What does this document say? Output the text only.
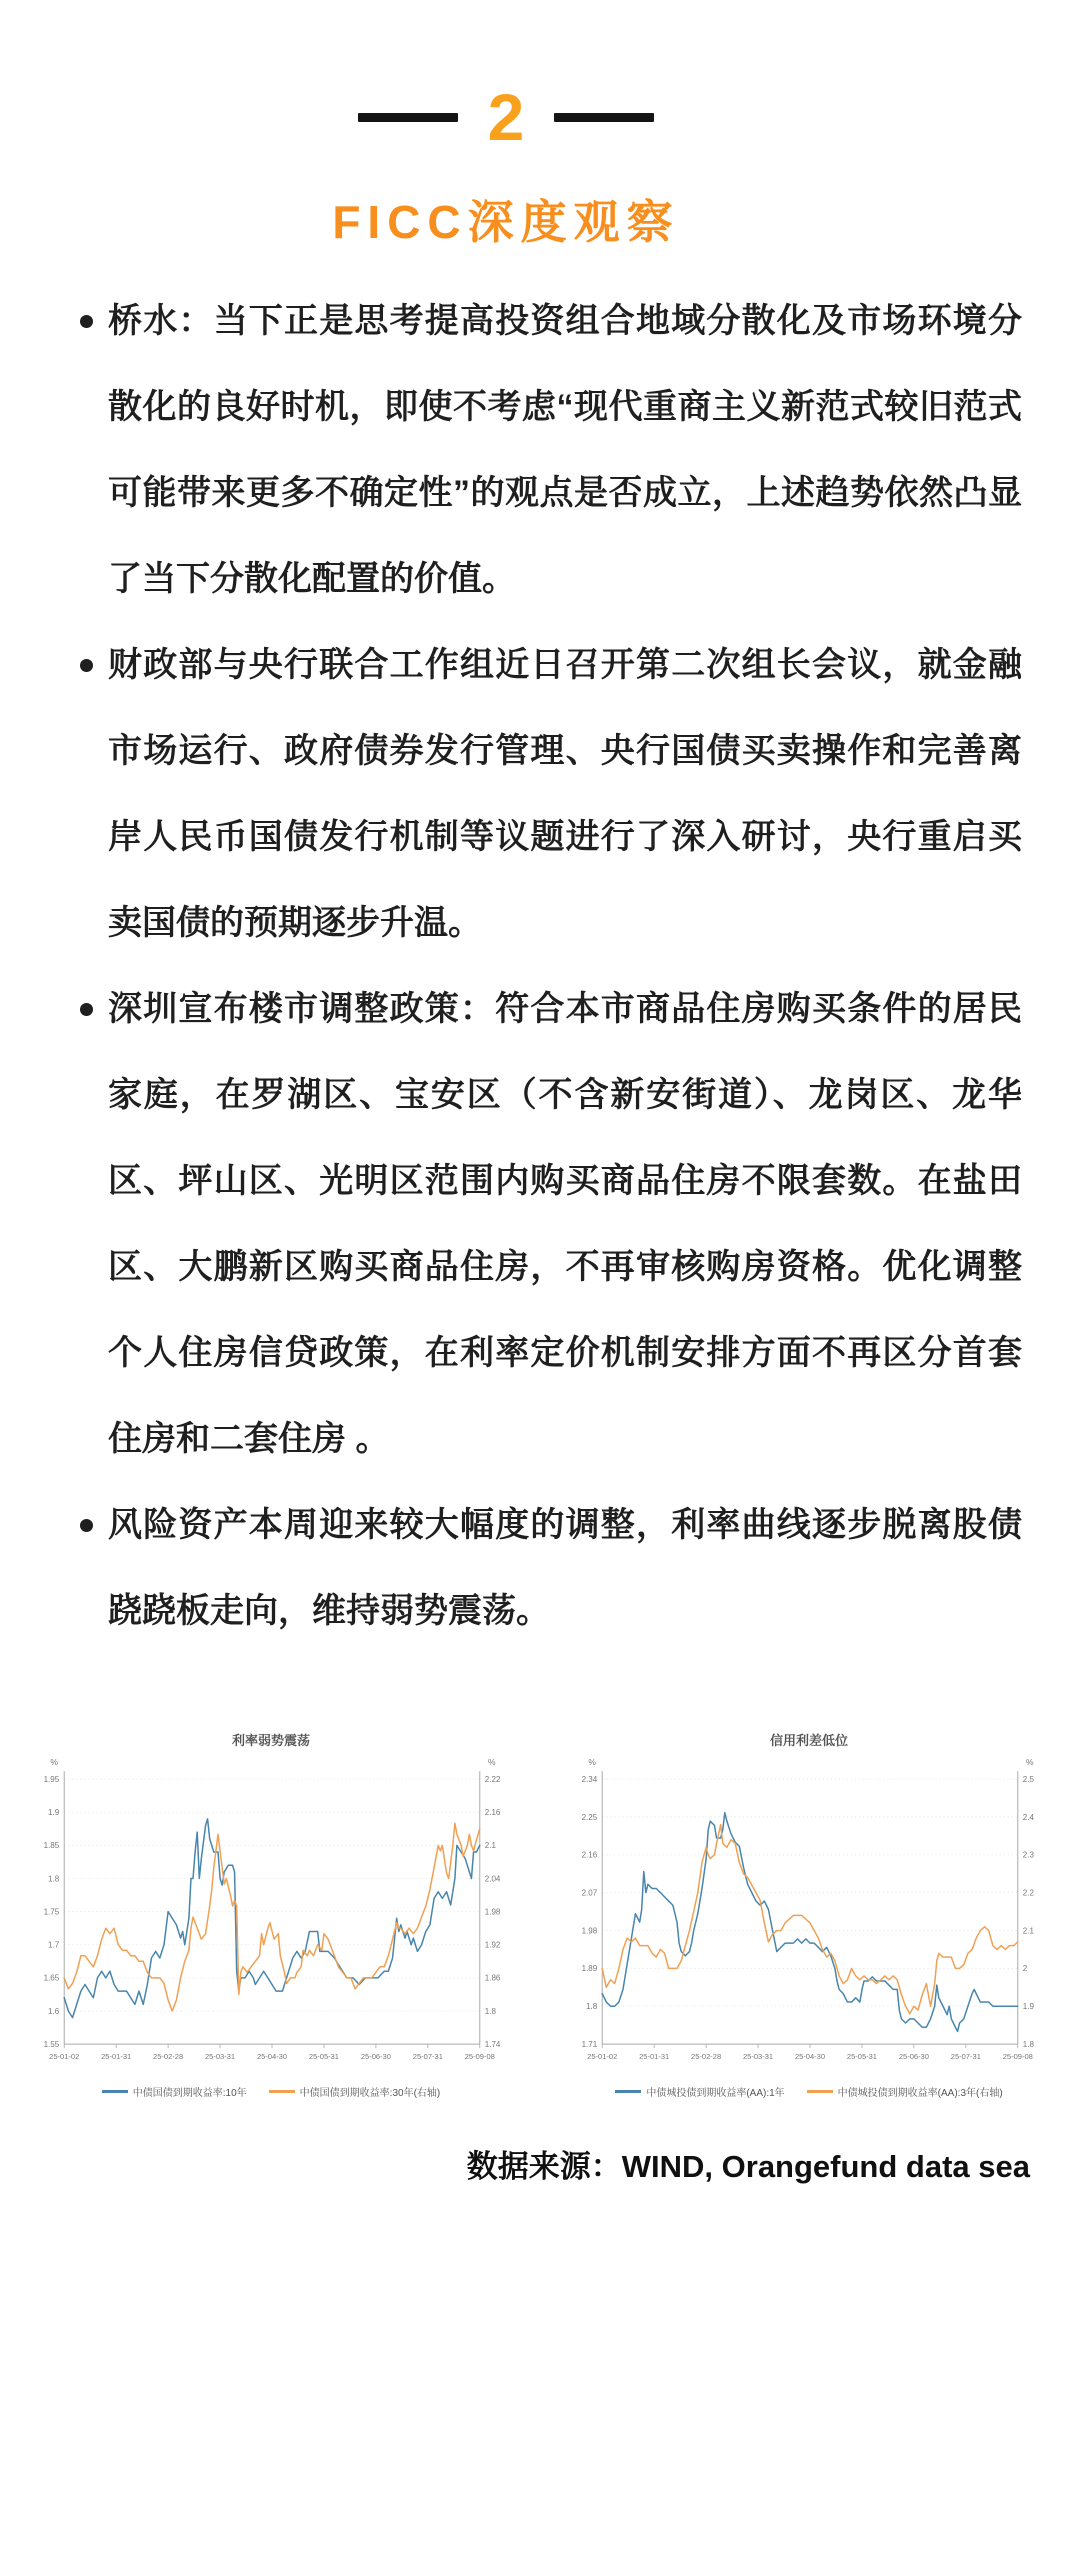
2
FICC深度观察
桥水：当下正是思考提高投资组合地域分散化及市场环境分散化的良好时机，即使不考虑“现代重商主义新范式较旧范式可能带来更多不确定性”的观点是否成立，上述趋势依然凸显了当下分散化配置的价值。
财政部与央行联合工作组近日召开第二次组长会议，就金融市场运行、政府债券发行管理、央行国债买卖操作和完善离岸人民币国债发行机制等议题进行了深入研讨，央行重启买卖国债的预期逐步升温。
深圳宣布楼市调整政策：符合本市商品住房购买条件的居民家庭，在罗湖区、宝安区（不含新安街道）、龙岗区、龙华区、坪山区、光明区范围内购买商品住房不限套数。在盐田区、大鹏新区购买商品住房，不再审核购房资格。优化调整个人住房信贷政策，在利率定价机制安排方面不再区分首套住房和二套住房 。
风险资产本周迎来较大幅度的调整，利率曲线逐步脱离股债跷跷板走向，维持弱势震荡。
利率弱势震荡
%	%
1.55
1.6
1.65
1.7
1.75
1.8
1.85
1.9
1.95
1.74
1.8
1.86
1.92
1.98
2.04
2.1
2.16
2.22
25-01-02	25-01-31	25-02-28	25-03-31	25-04-30	25-05-31	25-06-30	25-07-31	25-09-08
中债国债到期收益率:10年	中债国债到期收益率:30年(右轴)
信用利差低位
%	%
1.71
1.8
1.89
1.98
2.07
2.16
2.25
2.34
1.8
1.9
2
2.1
2.2
2.3
2.4
2.5
25-01-02	25-01-31	25-02-28	25-03-31	25-04-30	25-05-31	25-06-30	25-07-31	25-09-08
中债城投债到期收益率(AA):1年	中债城投债到期收益率(AA):3年(右轴)

数据来源：WIND, Orangefund data sea
